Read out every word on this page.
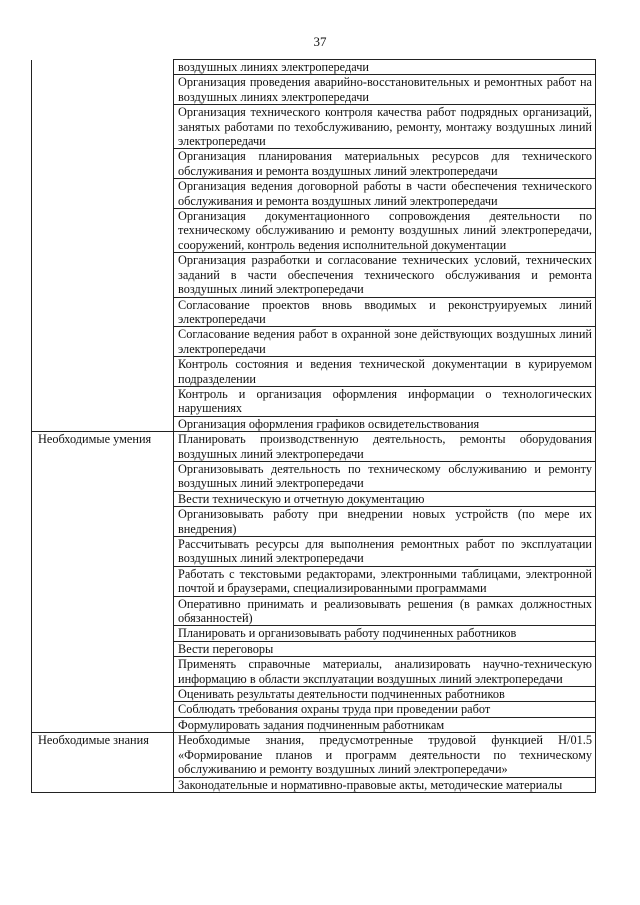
37
	воздушных линиях электропередачи
	Организация проведения аварийно-восстановительных и ремонтных работ на воздушных линиях электропередачи
	Организация технического контроля качества работ подрядных организаций, занятых работами по техобслуживанию, ремонту, монтажу воздушных линий электропередачи
	Организация планирования материальных ресурсов для технического обслуживания и ремонта воздушных линий электропередачи
	Организация ведения договорной работы в части обеспечения технического обслуживания и ремонта воздушных линий электропередачи
	Организация документационного сопровождения деятельности по техническому обслуживанию и ремонту воздушных линий электропередачи, сооружений, контроль ведения исполнительной документации
	Организация разработки и согласование технических условий, технических заданий в части обеспечения технического обслуживания и ремонта воздушных линий электропередачи
	Согласование проектов вновь вводимых и реконструируемых линий электропередачи
	Согласование ведения работ в охранной зоне действующих воздушных линий электропередачи
	Контроль состояния и ведения технической документации в курируемом подразделении
	Контроль и организация оформления информации о технологических нарушениях
	Организация оформления графиков освидетельствования
Необходимые умения	Планировать производственную деятельность, ремонты оборудования воздушных линий электропередачи
	Организовывать деятельность по техническому обслуживанию и ремонту воздушных линий электропередачи
	Вести техническую и отчетную документацию
	Организовывать работу при внедрении новых устройств (по мере их внедрения)
	Рассчитывать ресурсы для выполнения ремонтных работ по эксплуатации воздушных линий электропередачи
	Работать с текстовыми редакторами, электронными таблицами, электронной почтой и браузерами, специализированными программами
	Оперативно принимать и реализовывать решения (в рамках должностных обязанностей)
	Планировать и организовывать работу подчиненных работников
	Вести переговоры
	Применять справочные материалы, анализировать научно-техническую информацию в области эксплуатации воздушных линий электропередачи
	Оценивать результаты деятельности подчиненных работников
	Соблюдать требования охраны труда при проведении работ
	Формулировать задания подчиненным работникам
Необходимые знания	Необходимые знания, предусмотренные трудовой функцией Н/01.5 «Формирование планов и программ деятельности по техническому обслуживанию и ремонту воздушных линий электропередачи»
	Законодательные и нормативно-правовые акты, методические материалы
